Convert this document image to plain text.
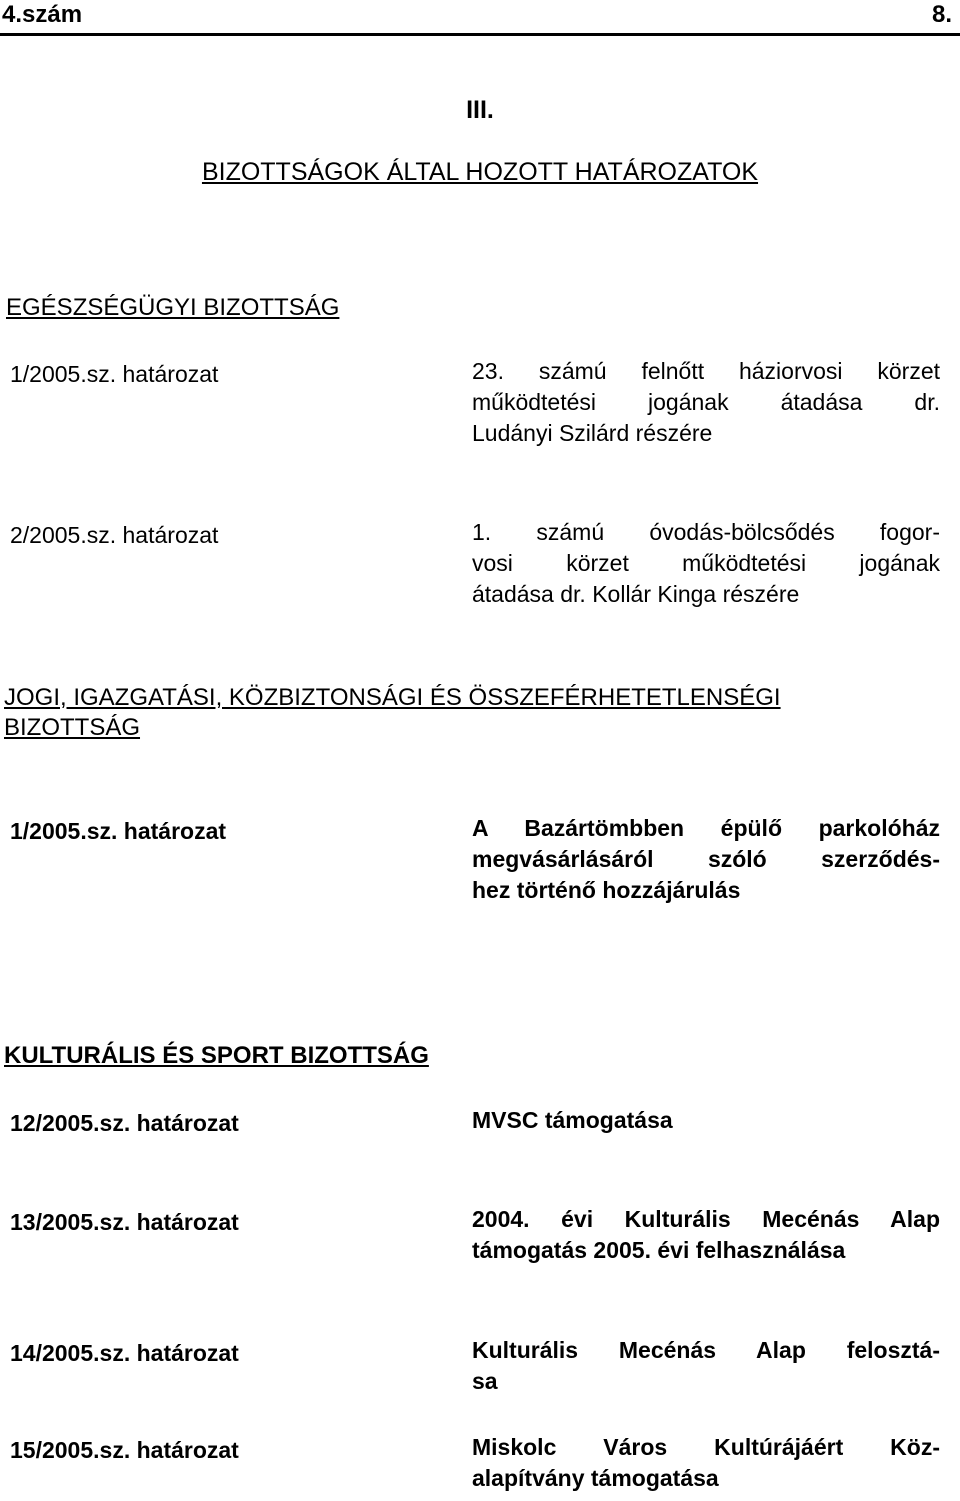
4.szám	8.
III.
BIZOTTSÁGOK ÁLTAL HOZOTT HATÁROZATOK
EGÉSZSÉGÜGYI BIZOTTSÁG
1/2005.sz. határozat	23. számú felnőtt háziorvosi körzet
működtetési jogának átadása dr.
Ludányi Szilárd részére
2/2005.sz. határozat	1. számú óvodás-bölcsődés fogor-
vosi körzet működtetési jogának
átadása dr. Kollár Kinga részére
JOGI, IGAZGATÁSI, KÖZBIZTONSÁGI ÉS ÖSSZEFÉRHETETLENSÉGI
BIZOTTSÁG
1/2005.sz. határozat	A Bazártömbben épülő parkolóház
megvásárlásáról szóló szerződés-
hez történő hozzájárulás
KULTURÁLIS ÉS SPORT BIZOTTSÁG
12/2005.sz. határozat	MVSC támogatása
13/2005.sz. határozat	2004. évi Kulturális Mecénás Alap
támogatás 2005. évi felhasználása
14/2005.sz. határozat	Kulturális Mecénás Alap felosztá-
sa
15/2005.sz. határozat	Miskolc Város Kultúrájáért Köz-
alapítvány támogatása
